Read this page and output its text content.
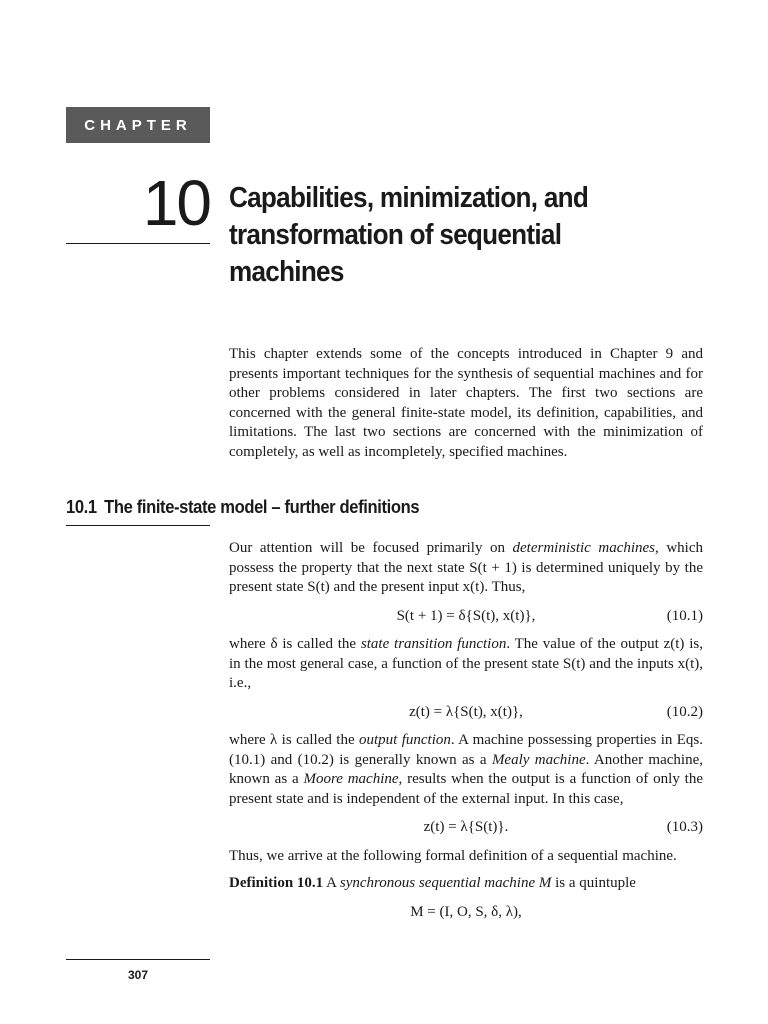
CHAPTER
10 Capabilities, minimization, and transformation of sequential machines

This chapter extends some of the concepts introduced in Chapter 9 and presents important techniques for the synthesis of sequential machines and for other problems considered in later chapters. The first two sections are concerned with the general finite-state model, its definition, capabilities, and limitations. The last two sections are concerned with the minimization of completely, as well as incompletely, specified machines.

10.1 The finite-state model – further definitions

Our attention will be focused primarily on deterministic machines, which possess the property that the next state S(t + 1) is determined uniquely by the present state S(t) and the present input x(t). Thus,

S(t + 1) = δ{S(t), x(t)},	(10.1)

where δ is called the state transition function. The value of the output z(t) is, in the most general case, a function of the present state S(t) and the inputs x(t), i.e.,

z(t) = λ{S(t), x(t)},	(10.2)

where λ is called the output function. A machine possessing properties in Eqs. (10.1) and (10.2) is generally known as a Mealy machine. Another machine, known as a Moore machine, results when the output is a function of only the present state and is independent of the external input. In this case,

z(t) = λ{S(t)}.	(10.3)

Thus, we arrive at the following formal definition of a sequential machine.

Definition 10.1 A synchronous sequential machine M is a quintuple

M = (I, O, S, δ, λ),
307
